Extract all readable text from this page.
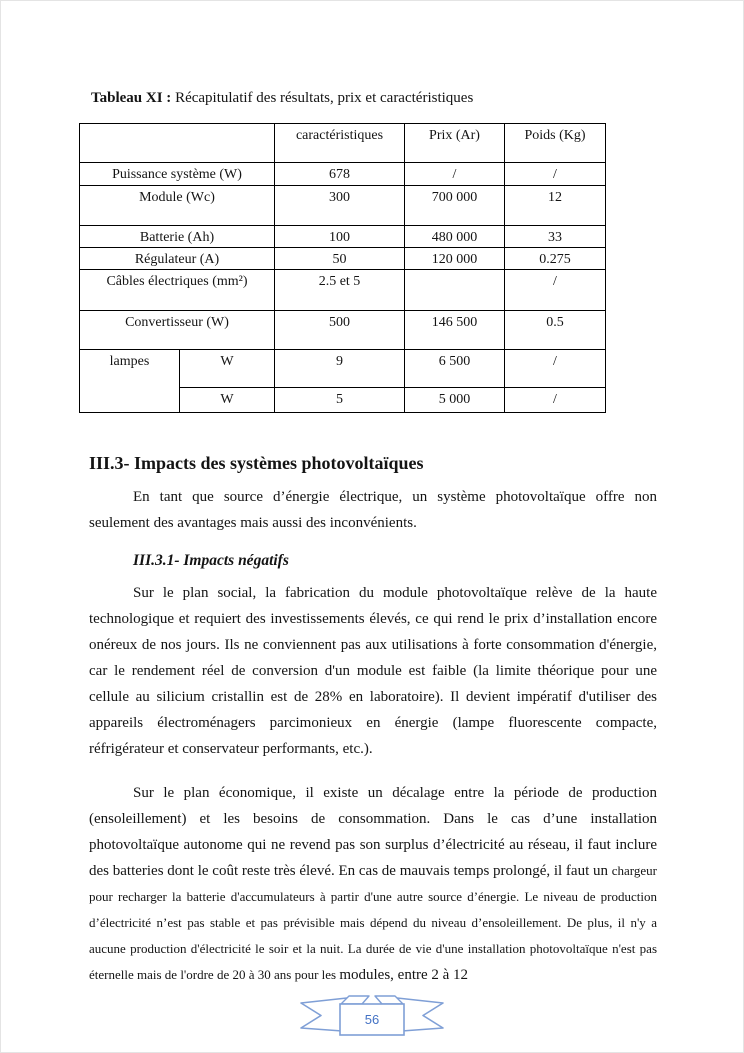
Tableau XI : Récapitulatif des résultats, prix et caractéristiques

		caractéristiques	Prix (Ar)	Poids (Kg)
Puissance système (W)		678	/	/
Module (Wc)		300	700 000	12
Batterie (Ah)		100	480 000	33
Régulateur (A)		50	120 000	0.275
Câbles électriques (mm²)		2.5 et 5		/
Convertisseur (W)		500	146 500	0.5
lampes	W	9	6 500	/
	W	5	5 000	/
III.3- Impacts des systèmes photovoltaïques

En tant que source d’énergie électrique, un système photovoltaïque offre non seulement des avantages mais aussi des inconvénients.

III.3.1- Impacts négatifs

Sur le plan social, la fabrication du module photovoltaïque relève de la haute technologique et requiert des investissements élevés, ce qui rend le prix d’installation encore onéreux de nos jours. Ils ne conviennent pas aux utilisations à forte consommation d'énergie, car le rendement réel de conversion d'un module est faible (la limite théorique pour une cellule au silicium cristallin est de 28% en laboratoire). Il devient impératif d'utiliser des appareils électroménagers parcimonieux en énergie (lampe fluorescente compacte, réfrigérateur et conservateur performants, etc.).

Sur le plan économique, il existe un décalage entre la période de production (ensoleillement) et les besoins de consommation. Dans le cas d’une installation photovoltaïque autonome qui ne revend pas son surplus d’électricité au réseau, il faut inclure des batteries dont le coût reste très élevé. En cas de mauvais temps prolongé, il faut un chargeur pour recharger la batterie d'accumulateurs à partir d'une autre source d’énergie. Le niveau de production d’électricité n’est pas stable et pas prévisible mais dépend du niveau d’ensoleillement. De plus, il n'y a aucune production d'électricité le soir et la nuit. La durée de vie d'une installation photovoltaïque n'est pas éternelle mais de l'ordre de 20 à 30 ans pour les modules, entre 2 à 12

56
